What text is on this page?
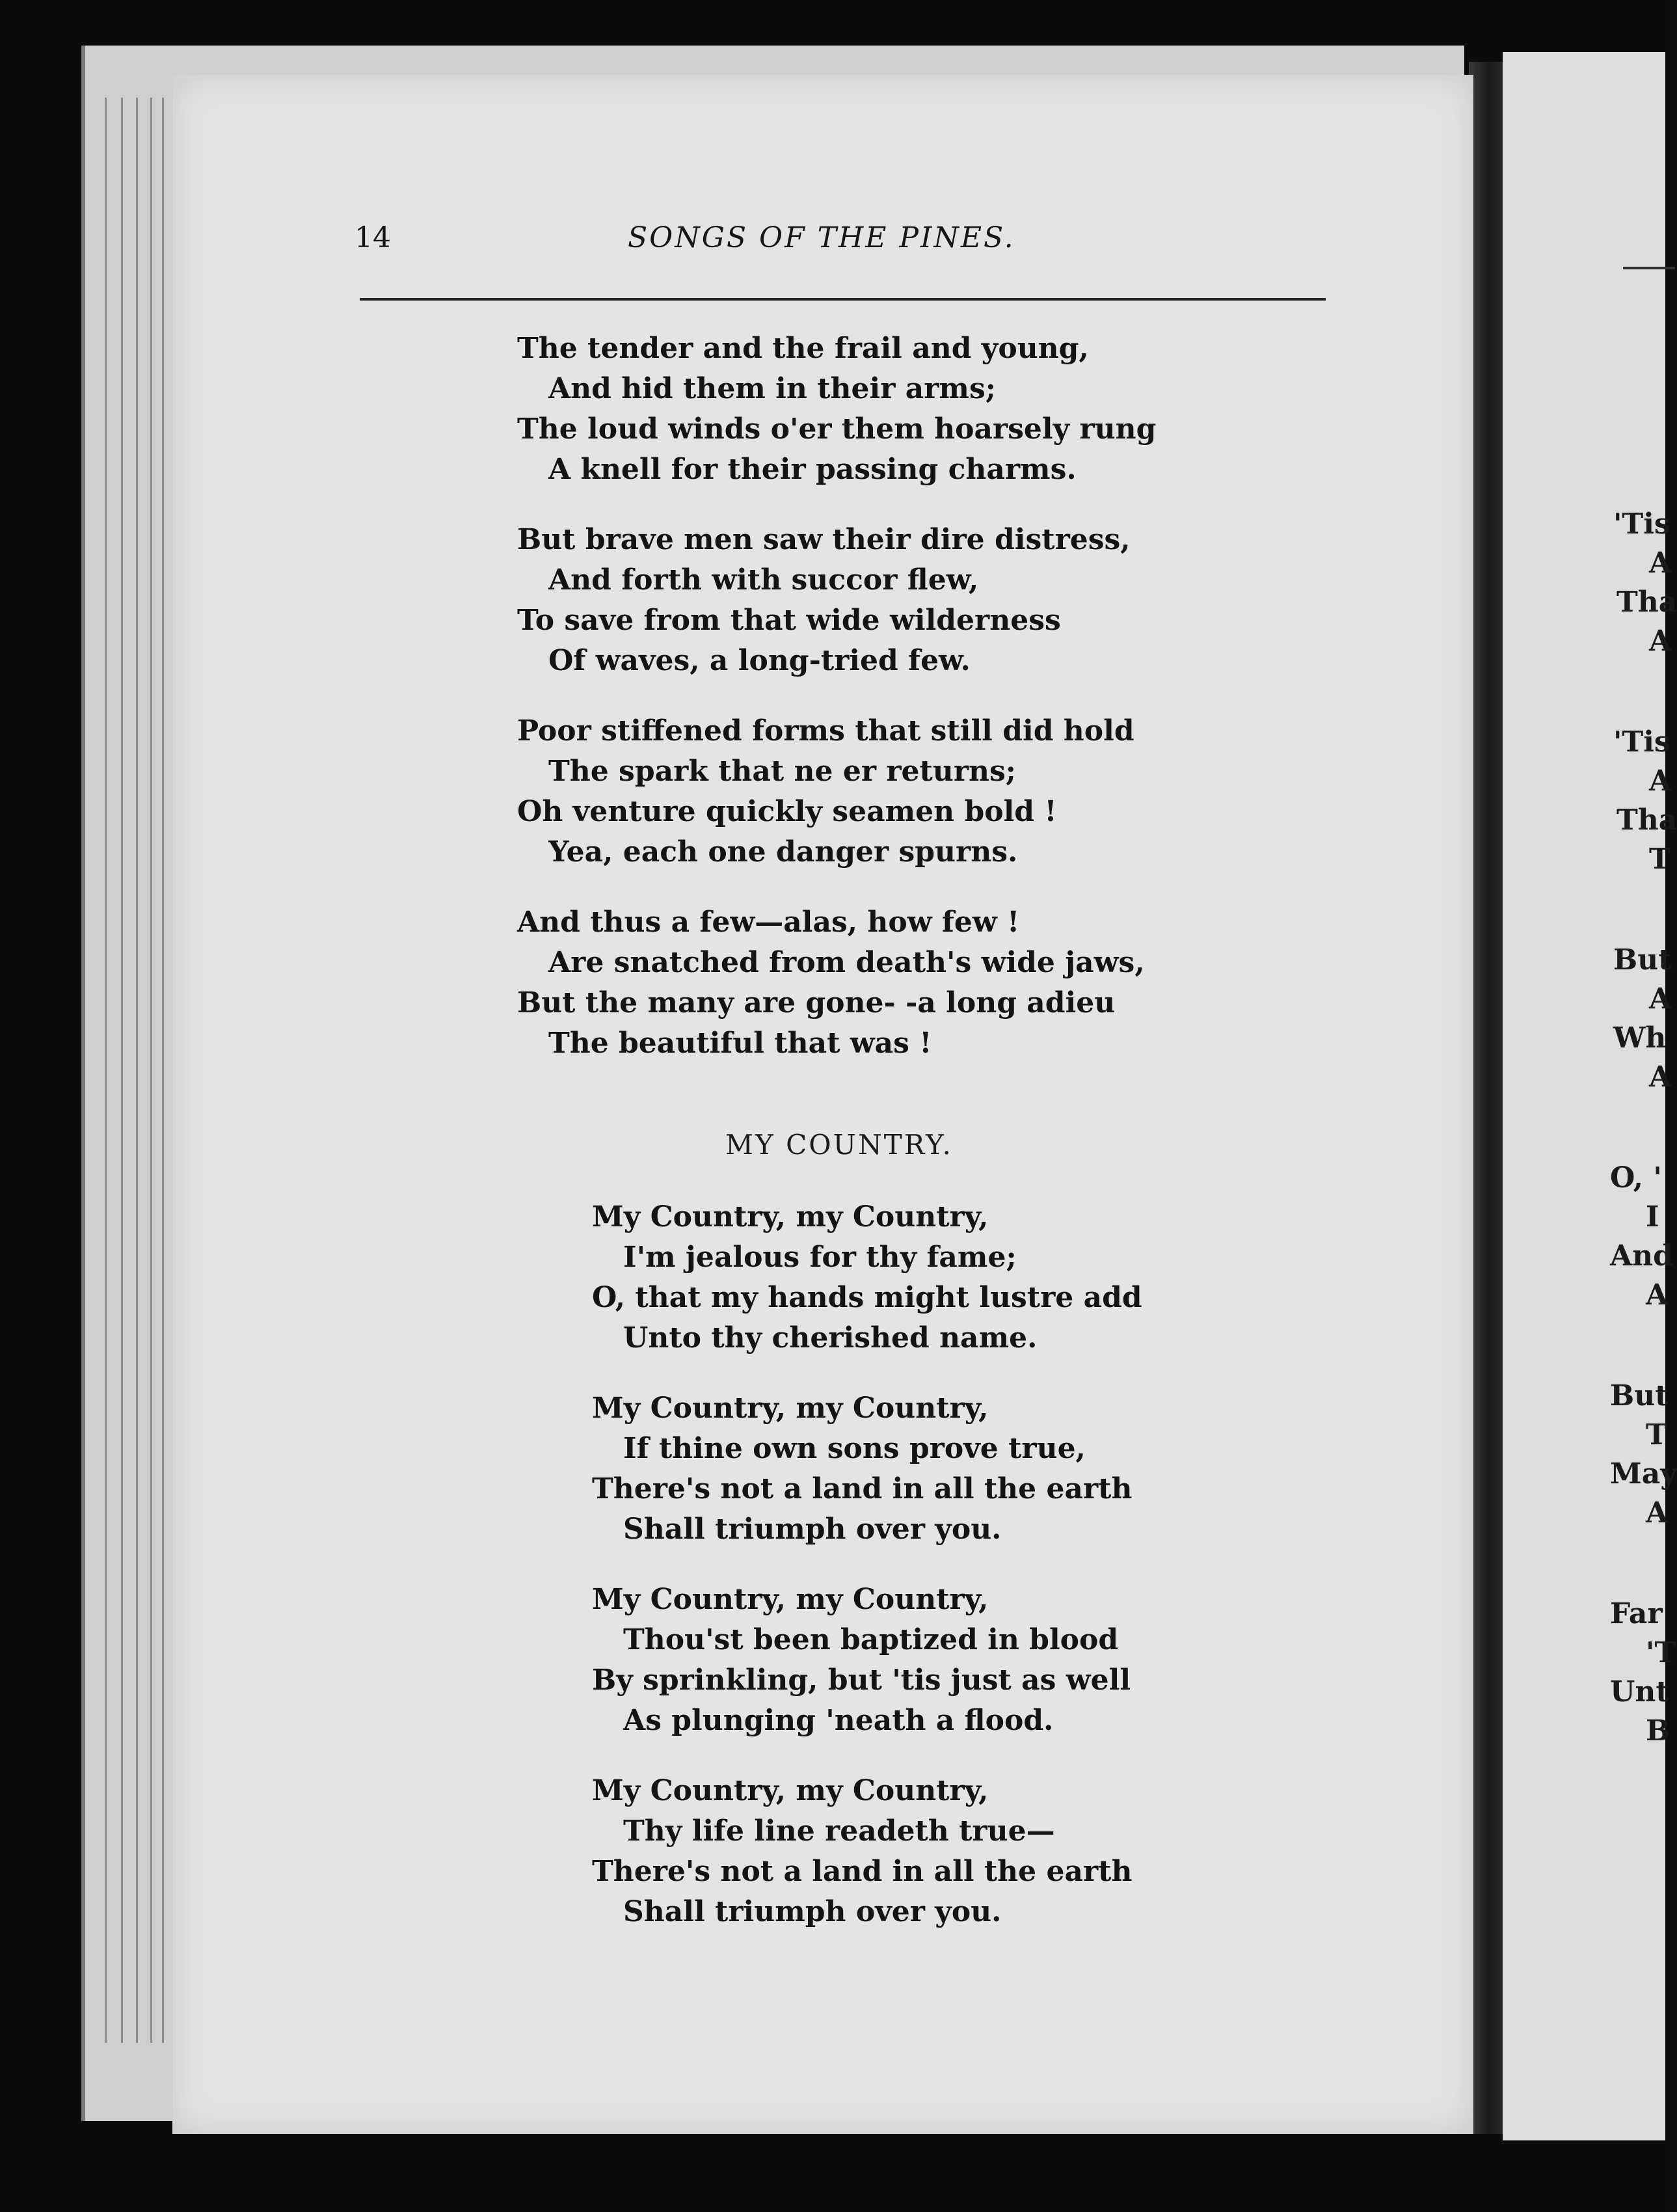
'Tis
A
Tha
A
'Tis
A
Tha
T
But
A
Wh
A
O, '
I
And
A
But
T
May
A
Far
'T
Unt
B
14	SONGS OF THE PINES.
The tender and the frail and young,
And hid them in their arms;
The loud winds o'er them hoarsely rung
A knell for their passing charms.
But brave men saw their dire distress,
And forth with succor flew,
To save from that wide wilderness
Of waves, a long-tried few.
Poor stiffened forms that still did hold
The spark that ne er returns;
Oh venture quickly seamen bold !
Yea, each one danger spurns.
And thus a few—alas, how few !
Are snatched from death's wide jaws,
But the many are gone- -a long adieu
The beautiful that was !
MY COUNTRY.
My Country, my Country,
I'm jealous for thy fame;
O, that my hands might lustre add
Unto thy cherished name.
My Country, my Country,
If thine own sons prove true,
There's not a land in all the earth
Shall triumph over you.
My Country, my Country,
Thou'st been baptized in blood
By sprinkling, but 'tis just as well
As plunging 'neath a flood.
My Country, my Country,
Thy life line readeth true—
There's not a land in all the earth
Shall triumph over you.
